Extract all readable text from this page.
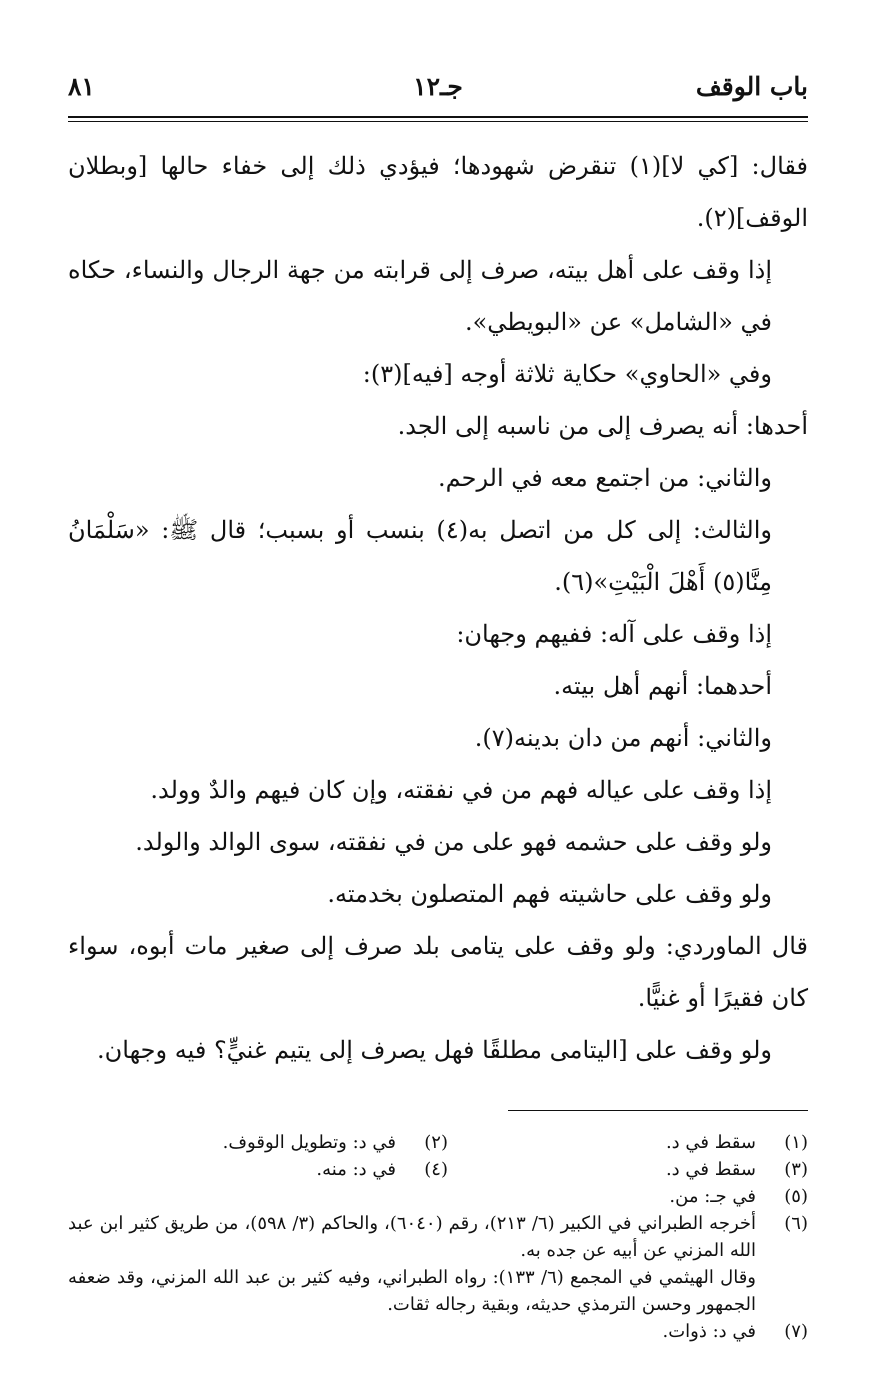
باب الوقف
جـ١٢
٨١

فقال: [كي لا](١) تنقرض شهودها؛ فيؤدي ذلك إلى خفاء حالها [وبطلان الوقف](٢).

إذا وقف على أهل بيته، صرف إلى قرابته من جهة الرجال والنساء، حكاه في «الشامل» عن «البويطي».

وفي «الحاوي» حكاية ثلاثة أوجه [فيه](٣):

أحدها: أنه يصرف إلى من ناسبه إلى الجد.

والثاني: من اجتمع معه في الرحم.

والثالث: إلى كل من اتصل به(٤) بنسب أو بسبب؛ قال ﷺ: «سَلْمَانُ مِنَّا(٥) أَهْلَ الْبَيْتِ»(٦).

إذا وقف على آله: ففيهم وجهان:

أحدهما: أنهم أهل بيته.

والثاني: أنهم من دان بدينه(٧).

إذا وقف على عياله فهم من في نفقته، وإن كان فيهم والدٌ وولد.

ولو وقف على حشمه فهو على من في نفقته، سوى الوالد والولد.

ولو وقف على حاشيته فهم المتصلون بخدمته.

قال الماوردي: ولو وقف على يتامى بلد صرف إلى صغير مات أبوه، سواء كان فقيرًا أو غنيًّا.

ولو وقف على [اليتامى مطلقًا فهل يصرف إلى يتيم غنيٍّ؟ فيه وجهان.

(١)
سقط في د.
(٢)
في د: وتطويل الوقوف.
(٣)
سقط في د.
(٤)
في د: منه.
(٥)
في جـ: من.
(٦)
أخرجه الطبراني في الكبير (٦/ ٢١٣)، رقم (٦٠٤٠)، والحاكم (٣/ ٥٩٨)، من طريق كثير ابن عبد الله المزني عن أبيه عن جده به.
وقال الهيثمي في المجمع (٦/ ١٣٣): رواه الطبراني، وفيه كثير بن عبد الله المزني، وقد ضعفه الجمهور وحسن الترمذي حديثه، وبقية رجاله ثقات.
(٧)
في د: ذوات.
